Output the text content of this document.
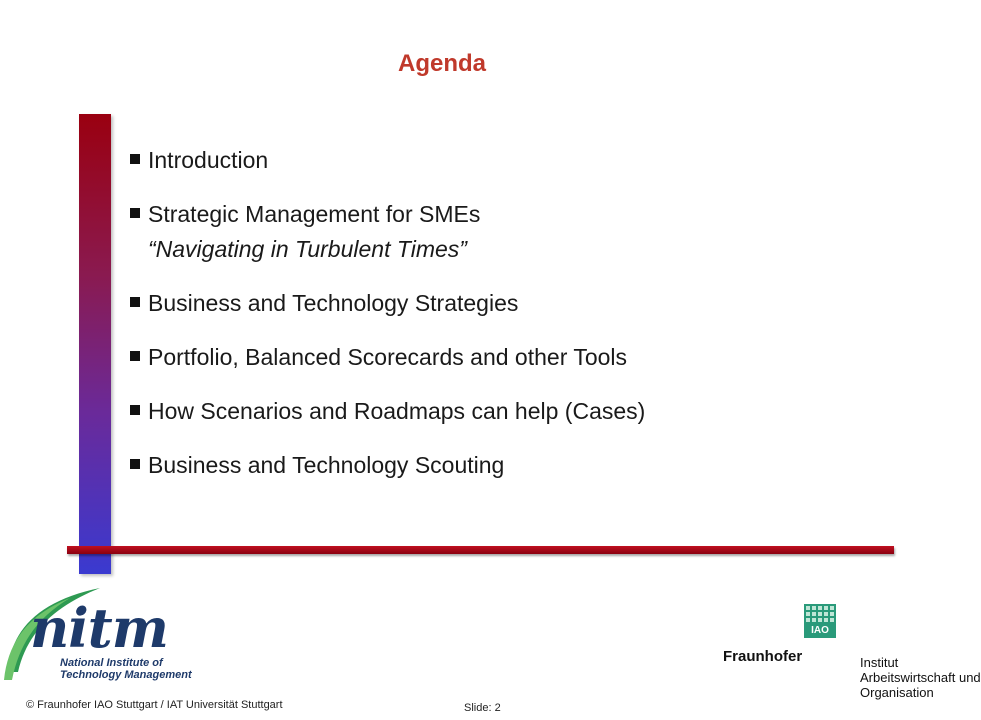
Agenda
Introduction
Strategic Management for SMEs
“Navigating in Turbulent Times”
Business and Technology Strategies
Portfolio, Balanced Scorecards and other Tools
How Scenarios and Roadmaps can help (Cases)
Business and Technology Scouting
nitm
National Institute of
Technology Management
© Fraunhofer IAO Stuttgart / IAT Universität Stuttgart	Slide: 2
IAO
Fraunhofer	Institut
Arbeitswirtschaft und
Organisation
